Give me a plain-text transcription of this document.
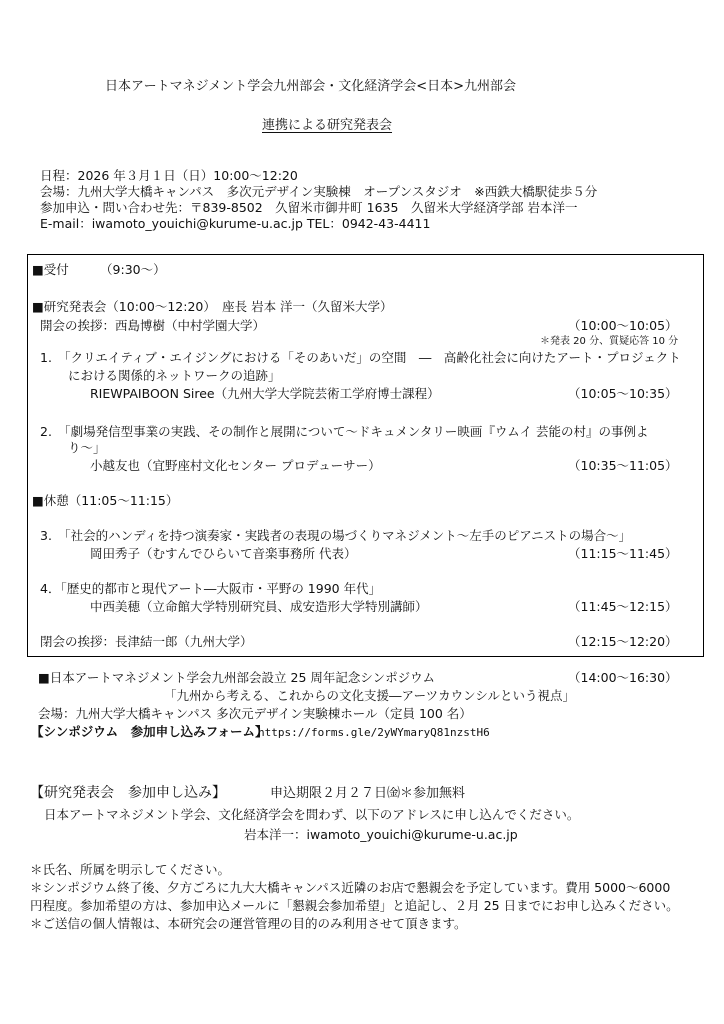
日本アートマネジメント学会九州部会・文化経済学会<日本>九州部会
連携による研究発表会
日程：2026 年３月１日（日）10:00～12:20
会場：九州大学大橋キャンパス　多次元デザイン実験棟　オープンスタジオ　※西鉄大橋駅徒歩５分
参加申込・問い合わせ先：〒839-8502　久留米市御井町 1635　久留米大学経済学部 岩本洋一
E-mail：iwamoto_youichi@kurume-u.ac.jp TEL：0942-43-4411
■受付　　　（9:30～）
■研究発表会（10:00～12:20）　座長 岩本 洋一（久留米大学）
開会の挨拶：西島博樹（中村学園大学）	（10:00～10:05）
＊発表 20 分、質疑応答 10 分
1.　「クリエイティブ・エイジングにおける「そのあいだ」の空間　―　高齢化社会に向けたアート・プロジェクト
における関係的ネットワークの追跡」
RIEWPAIBOON Siree（九州大学大学院芸術工学府博士課程）	（10:05～10:35）
2.　「劇場発信型事業の実践、その制作と展開について～ドキュメンタリー映画『ウムイ 芸能の村』の事例よ
り～」
小越友也（宜野座村文化センター プロデューサー）	（10:35～11:05）
■休憩（11:05～11:15）
3.　「社会的ハンディを持つ演奏家・実践者の表現の場づくりマネジメント～左手のピアニストの場合～」
岡田秀子（むすんでひらいて音楽事務所 代表）	（11:15～11:45）
4．「歴史的都市と現代アート―大阪市・平野の 1990 年代」
中西美穂（立命館大学特別研究員、成安造形大学特別講師）	（11:45～12:15）
閉会の挨拶：長津結一郎（九州大学）	（12:15～12:20）
■日本アートマネジメント学会九州部会設立 25 周年記念シンポジウム	（14:00～16:30）
「九州から考える、これからの文化支援―アーツカウンシルという視点」
会場：九州大学大橋キャンパス 多次元デザイン実験棟ホール（定員 100 名）
【シンポジウム　参加申し込みフォーム】
https://forms.gle/2yWYmaryQ81nzstH6
【研究発表会　参加申し込み】	申込期限２月２７日㈮＊参加無料
日本アートマネジメント学会、文化経済学会を問わず、以下のアドレスに申し込んでください。
岩本洋一：iwamoto_youichi@kurume-u.ac.jp
＊氏名、所属を明示してください。
＊シンポジウム終了後、夕方ごろに九大大橋キャンパス近隣のお店で懇親会を予定しています。費用 5000～6000
円程度。参加希望の方は、参加申込メールに「懇親会参加希望」と追記し、２月 25 日までにお申し込みください。
＊ご送信の個人情報は、本研究会の運営管理の目的のみ利用させて頂きます。
